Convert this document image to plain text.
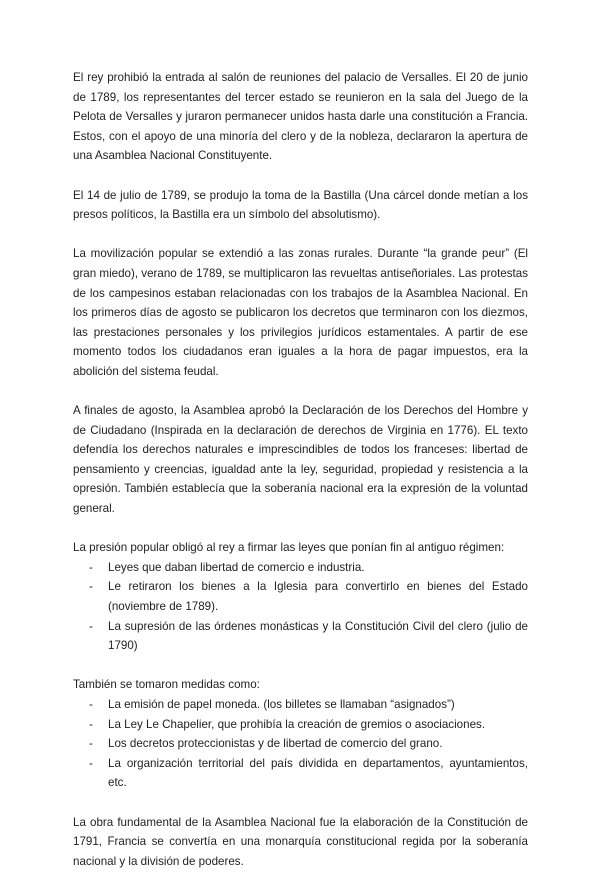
El rey prohibió la entrada al salón de reuniones del palacio de Versalles. El 20 de junio de 1789, los representantes del tercer estado se reunieron en la sala del Juego de la Pelota de Versalles y juraron permanecer unidos hasta darle una constitución a Francia. Estos, con el apoyo de una minoría del clero y de la nobleza, declararon la apertura de una Asamblea Nacional Constituyente.

El 14 de julio de 1789, se produjo la toma de la Bastilla (Una cárcel donde metían a los presos políticos, la Bastilla era un símbolo del absolutismo).

La movilización popular se extendió a las zonas rurales. Durante “la grande peur” (El gran miedo), verano de 1789, se multiplicaron las revueltas antiseñoriales. Las protestas de los campesinos estaban relacionadas con los trabajos de la Asamblea Nacional. En los primeros días de agosto se publicaron los decretos que terminaron con los diezmos, las prestaciones personales y los privilegios jurídicos estamentales. A partir de ese momento todos los ciudadanos eran iguales a la hora de pagar impuestos, era la abolición del sistema feudal.

A finales de agosto, la Asamblea aprobó la Declaración de los Derechos del Hombre y de Ciudadano (Inspirada en la declaración de derechos de Virginia en 1776). EL texto defendía los derechos naturales e imprescindibles de todos los franceses: libertad de pensamiento y creencias, igualdad ante la ley, seguridad, propiedad y resistencia a la opresión. También establecía que la soberanía nacional era la expresión de la voluntad general.

La presión popular obligó al rey a firmar las leyes que ponían fin al antiguo régimen:

- Leyes que daban libertad de comercio e industria.
- Le retiraron los bienes a la Iglesia para convertirlo en bienes del Estado (noviembre de 1789).
- La supresión de las órdenes monásticas y la Constitución Civil del clero (julio de 1790)

También se tomaron medidas como:

- La emisión de papel moneda. (los billetes se llamaban “asignados”)
- La Ley Le Chapelier, que prohibía la creación de gremios o asociaciones.
- Los decretos proteccionistas y de libertad de comercio del grano.
- La organización territorial del país dividida en departamentos, ayuntamientos, etc.

La obra fundamental de la Asamblea Nacional fue la elaboración de la Constitución de 1791, Francia se convertía en una monarquía constitucional regida por la soberanía nacional y la división de poderes.
